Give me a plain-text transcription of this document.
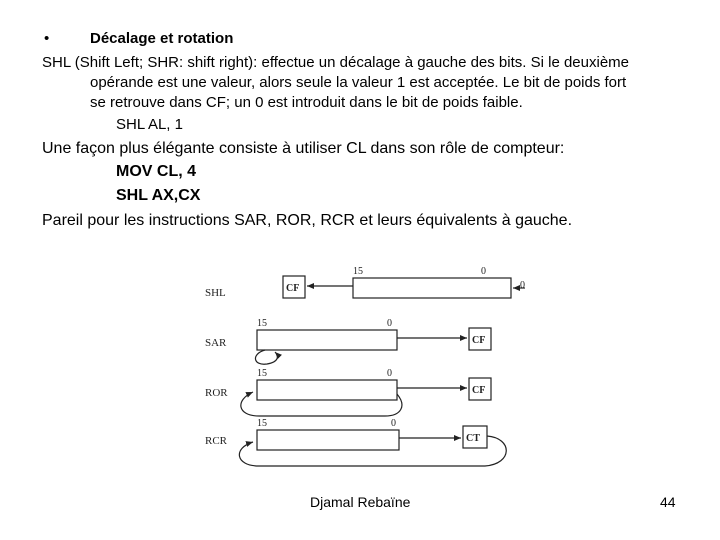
•	Décalage et rotation
SHL (Shift Left; SHR: shift right): effectue un décalage à gauche des bits. Si le deuxième
opérande est une valeur, alors seule la valeur 1 est acceptée. Le bit de poids fort
se retrouve dans CF; un 0 est introduit dans le bit de poids faible.
SHL AL, 1
Une façon plus élégante consiste à utiliser CL dans son rôle de compteur:
MOV CL, 4
SHL AX,CX
Pareil pour les instructions SAR, ROR, RCR et leurs équivalents à gauche.
SHL	CF
15	0
0
SAR
15	0
CF
ROR
15	0
CF
RCR
15	0
CT
Djamal Rebaïne	44
